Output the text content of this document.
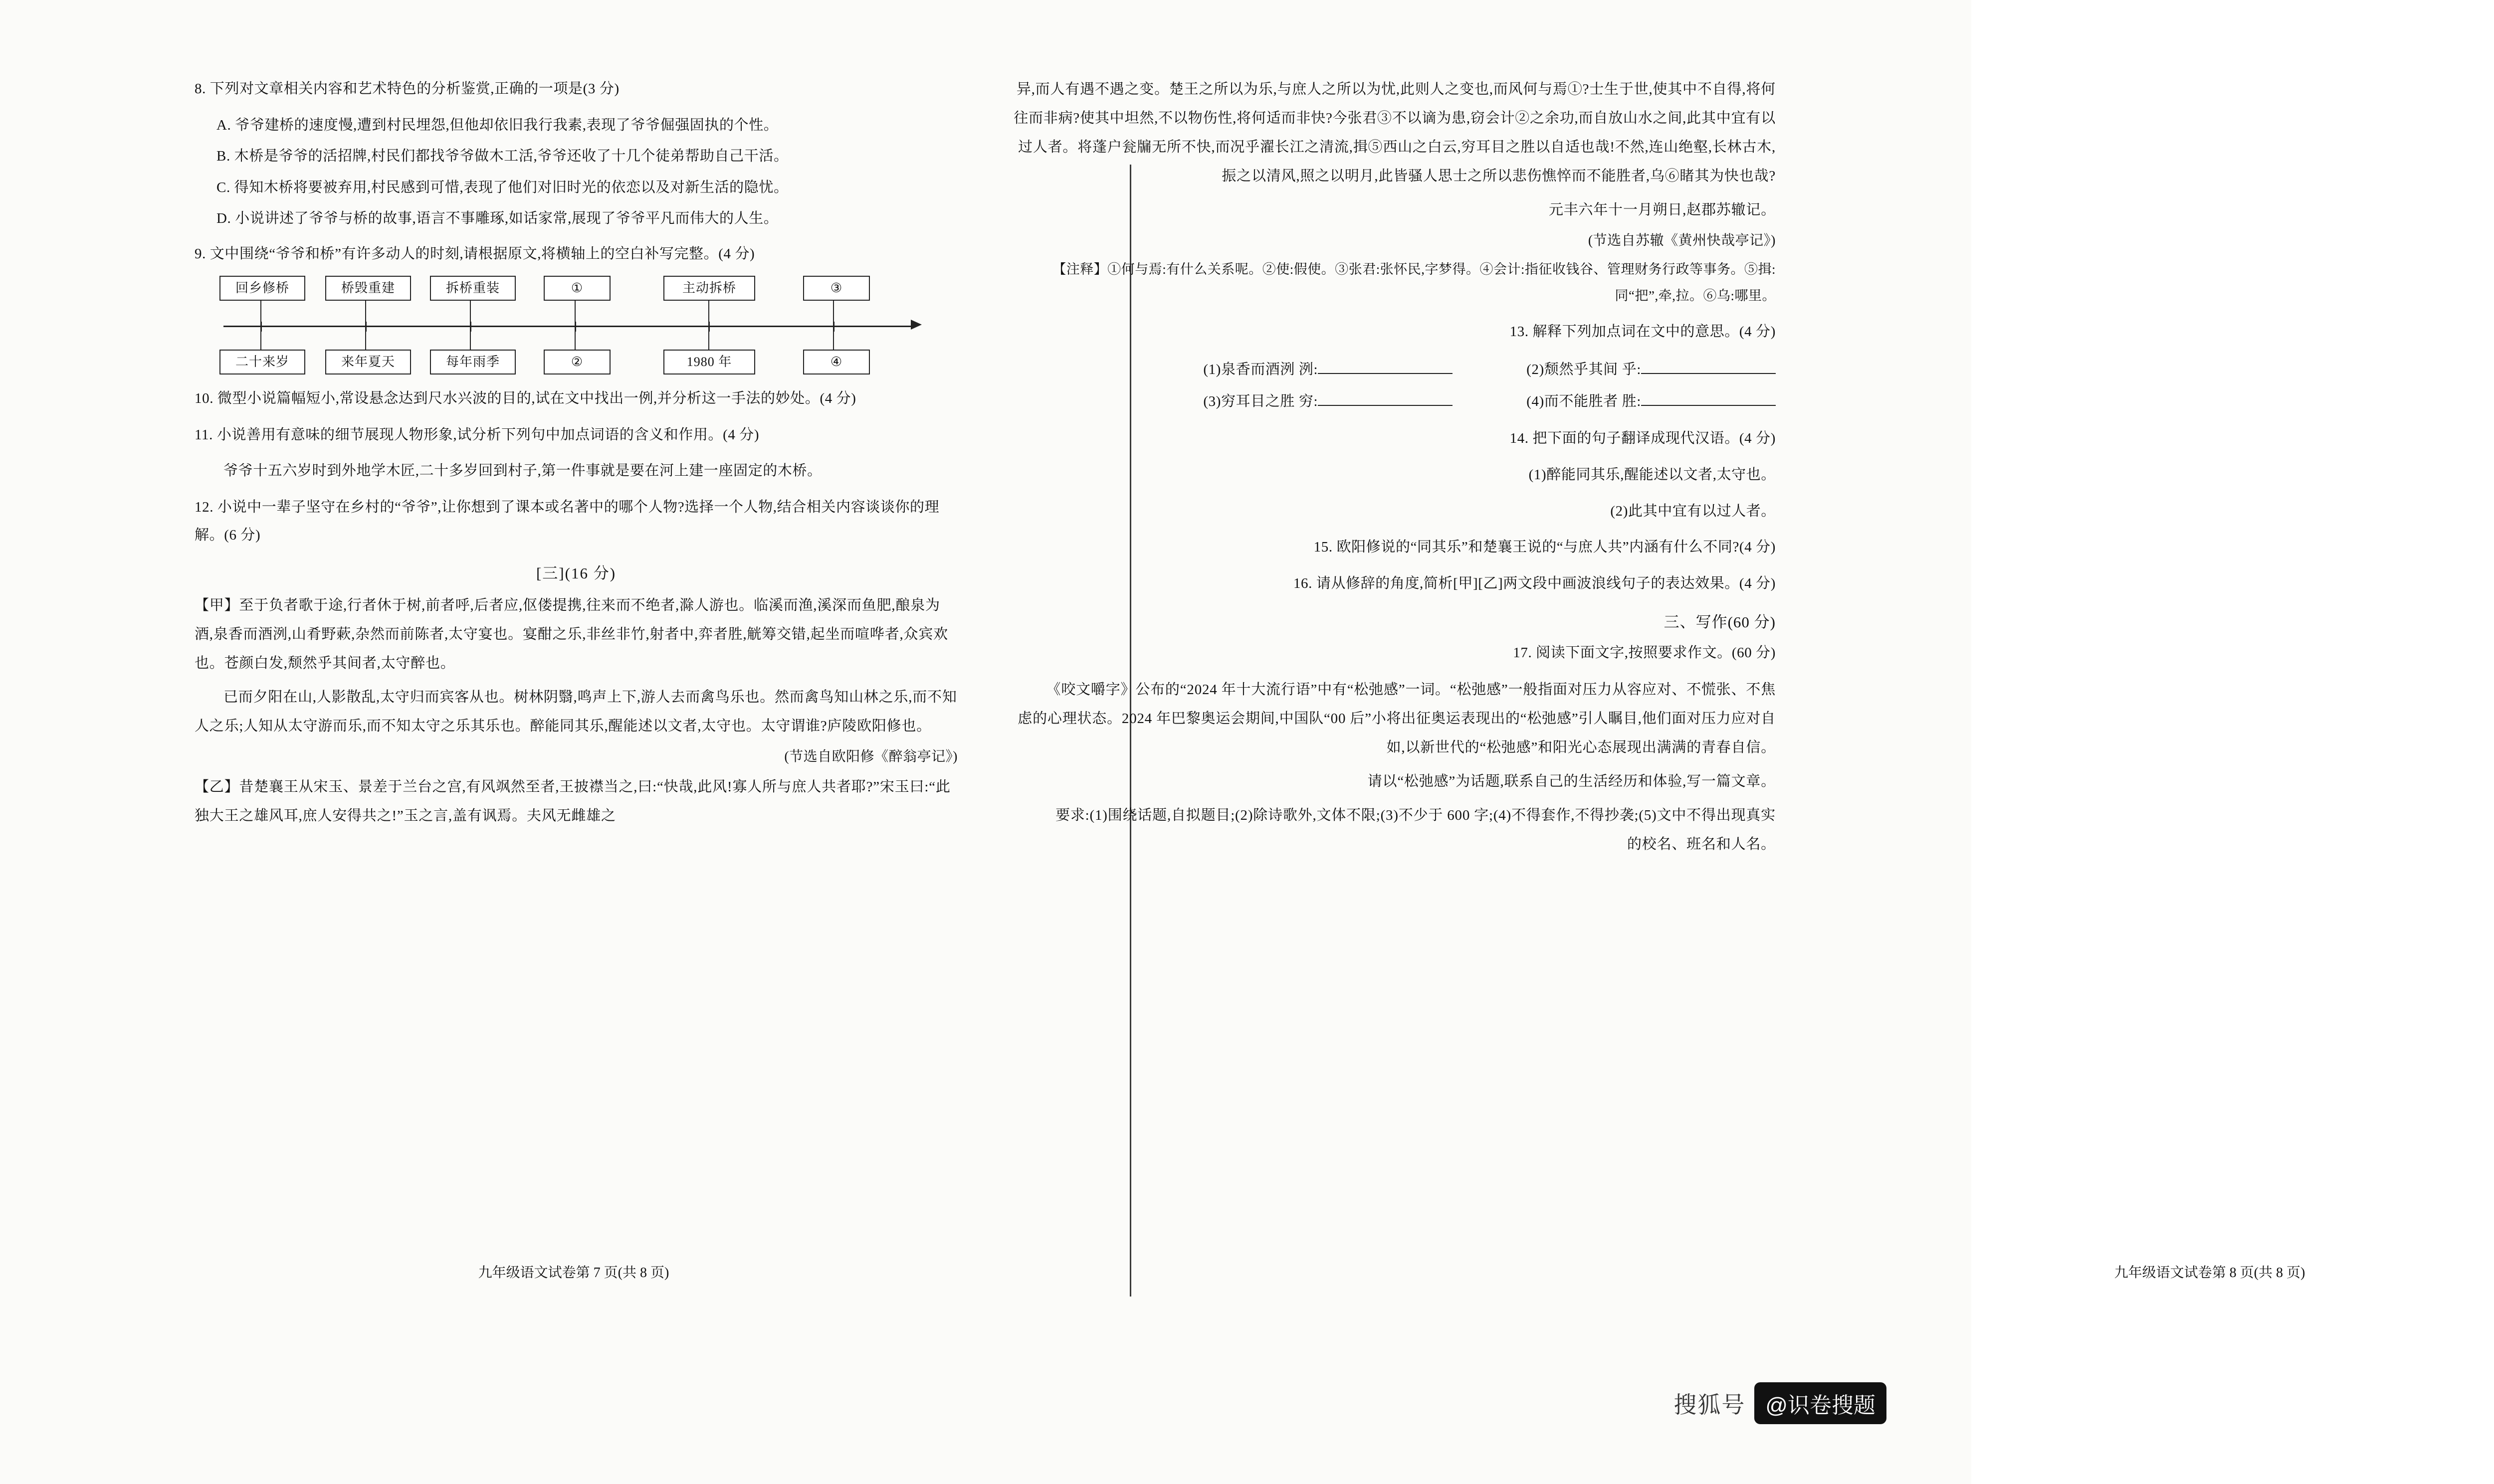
8. 下列对文章相关内容和艺术特色的分析鉴赏,正确的一项是(3 分)
A. 爷爷建桥的速度慢,遭到村民埋怨,但他却依旧我行我素,表现了爷爷倔强固执的个性。
B. 木桥是爷爷的活招牌,村民们都找爷爷做木工活,爷爷还收了十几个徒弟帮助自己干活。
C. 得知木桥将要被弃用,村民感到可惜,表现了他们对旧时光的依恋以及对新生活的隐忧。
D. 小说讲述了爷爷与桥的故事,语言不事雕琢,如话家常,展现了爷爷平凡而伟大的人生。
9. 文中围绕“爷爷和桥”有许多动人的时刻,请根据原文,将横轴上的空白补写完整。(4 分)
回乡修桥	桥毁重建	拆桥重装	①	主动拆桥	③
二十来岁	来年夏天	每年雨季	②	1980 年	④
10. 微型小说篇幅短小,常设悬念达到尺水兴波的目的,试在文中找出一例,并分析这一手法的妙处。(4 分)
11. 小说善用有意味的细节展现人物形象,试分析下列句中加点词语的含义和作用。(4 分)
爷爷十五六岁时到外地学木匠,二十多岁回到村子,第一件事就是要在河上建一座固定的木桥。
12. 小说中一辈子坚守在乡村的“爷爷”,让你想到了课本或名著中的哪个人物?选择一个人物,结合相关内容谈谈你的理解。(6 分)
[三](16 分)
【甲】至于负者歌于途,行者休于树,前者呼,后者应,伛偻提携,往来而不绝者,滁人游也。临溪而渔,溪深而鱼肥,酿泉为酒,泉香而酒洌,山肴野蔌,杂然而前陈者,太守宴也。宴酣之乐,非丝非竹,射者中,弈者胜,觥筹交错,起坐而喧哗者,众宾欢也。苍颜白发,颓然乎其间者,太守醉也。
已而夕阳在山,人影散乱,太守归而宾客从也。树林阴翳,鸣声上下,游人去而禽鸟乐也。然而禽鸟知山林之乐,而不知人之乐;人知从太守游而乐,而不知太守之乐其乐也。醉能同其乐,醒能述以文者,太守也。太守谓谁?庐陵欧阳修也。
(节选自欧阳修《醉翁亭记》)
【乙】昔楚襄王从宋玉、景差于兰台之宫,有风飒然至者,王披襟当之,曰:“快哉,此风!寡人所与庶人共者耶?”宋玉曰:“此独大王之雄风耳,庶人安得共之!”玉之言,盖有讽焉。夫风无雌雄之
九年级语文试卷第 7 页(共 8 页)
异,而人有遇不遇之变。楚王之所以为乐,与庶人之所以为忧,此则人之变也,而风何与焉①?士生于世,使其中不自得,将何往而非病?使其中坦然,不以物伤性,将何适而非快?今张君③不以谪为患,窃会计②之余功,而自放山水之间,此其中宜有以过人者。将蓬户瓮牖无所不快,而况乎濯长江之清流,揖⑤西山之白云,穷耳目之胜以自适也哉!不然,连山绝壑,长林古木,振之以清风,照之以明月,此皆骚人思士之所以悲伤憔悴而不能胜者,乌⑥睹其为快也哉?
元丰六年十一月朔日,赵郡苏辙记。
(节选自苏辙《黄州快哉亭记》)
【注释】①何与焉:有什么关系呢。②使:假使。③张君:张怀民,字梦得。④会计:指征收钱谷、管理财务行政等事务。⑤揖:同“把”,牵,拉。⑥乌:哪里。
13. 解释下列加点词在文中的意思。(4 分)
(1)泉香而酒洌 洌:	(2)颓然乎其间 乎:
(3)穷耳目之胜 穷:	(4)而不能胜者 胜:
14. 把下面的句子翻译成现代汉语。(4 分)
(1)醉能同其乐,醒能述以文者,太守也。
(2)此其中宜有以过人者。
15. 欧阳修说的“同其乐”和楚襄王说的“与庶人共”内涵有什么不同?(4 分)
16. 请从修辞的角度,简析[甲][乙]两文段中画波浪线句子的表达效果。(4 分)
三、写作(60 分)
17. 阅读下面文字,按照要求作文。(60 分)
《咬文嚼字》公布的“2024 年十大流行语”中有“松弛感”一词。“松弛感”一般指面对压力从容应对、不慌张、不焦虑的心理状态。2024 年巴黎奥运会期间,中国队“00 后”小将出征奥运表现出的“松弛感”引人瞩目,他们面对压力应对自如,以新世代的“松弛感”和阳光心态展现出满满的青春自信。
请以“松弛感”为话题,联系自己的生活经历和体验,写一篇文章。
要求:(1)围绕话题,自拟题目;(2)除诗歌外,文体不限;(3)不少于 600 字;(4)不得套作,不得抄袭;(5)文中不得出现真实的校名、班名和人名。
九年级语文试卷第 8 页(共 8 页)
搜狐号 @识卷搜题
